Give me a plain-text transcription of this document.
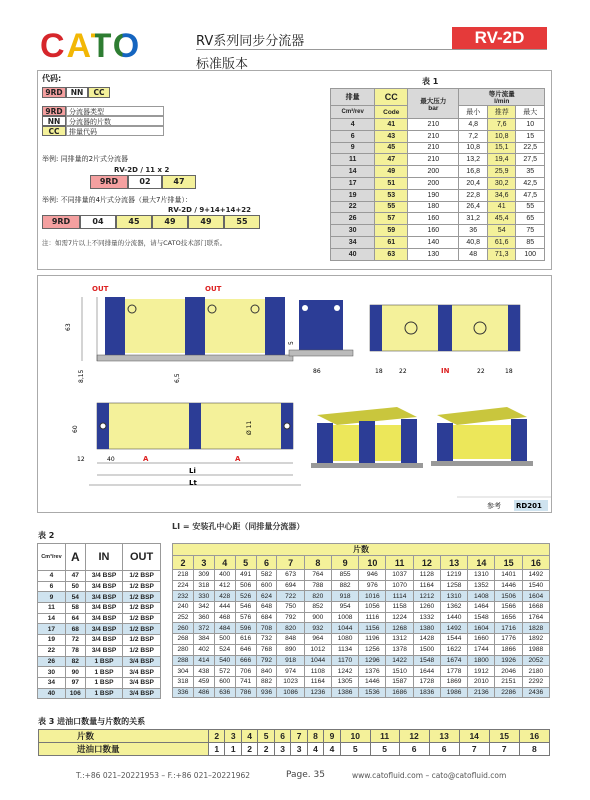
CATO	RV系列同步分流器
标准版本
RV-2D
代码:
9RD	NN	CC
9RD 分流器类型
NN	分流器的片数
CC	排量代码
举例: 同排量的2片式分流器
RV-2D / 11 x 2
9RD	02	47
举例: 不同排量的4片式分流器（最大7片排量）：
RV-2D / 9+14+14+22
9RD	04	45	49	49	55
注：如需7片以上不同排量的分流器，请与CATO技术部门联系。
表 1
排量	CC	最大压力
bar	等片流量
l/min		
Cm³/rev	Code		最小	推荐	最大
4	41	210	4,8	7,6	10
6	43	210	7,2	10,8	15
9	45	210	10,8	15,1	22,5
11	47	210	13,2	19,4	27,5
14	49	200	16,8	25,9	35
17	51	200	20,4	30,2	42,5
19	53	190	22,8	34,6	47,5
22	55	180	26,4	41	55
26	57	160	31,2	45,4	65
30	59	160	36	54	75
34	61	140	40,8	61,6	85
40	63	130	48	71,3	100
OUT	OUT
63
8,15	6,5
5
86	18	22	IN	22	18
60	Ø 11
12	40	A	A
Li
Lt
参考 RD201
表 2
Cm³/rev	A	IN	OUT
4	47	3/4 BSP	1/2 BSP
6	50	3/4 BSP	1/2 BSP
9	54	3/4 BSP	1/2 BSP
11	58	3/4 BSP	1/2 BSP
14	64	3/4 BSP	1/2 BSP
17	68	3/4 BSP	1/2 BSP
19	72	3/4 BSP	1/2 BSP
22	78	3/4 BSP	1/2 BSP
26	82	1 BSP	3/4 BSP
30	90	1 BSP	3/4 BSP
34	97	1 BSP	3/4 BSP
40	106	1 BSP	3/4 BSP
LI = 安装孔中心距（同排量分流器）
片数														
2	3	4	5	6	7	8	9	10	11	12	13	14	15	16
218	309	400	491	582	673	764	855	946	1037	1128	1219	1310	1401	1492
224	318	412	506	600	694	788	882	976	1070	1164	1258	1352	1446	1540
232	330	428	526	624	722	820	918	1016	1114	1212	1310	1408	1506	1604
240	342	444	546	648	750	852	954	1056	1158	1260	1362	1464	1566	1668
252	360	468	576	684	792	900	1008	1116	1224	1332	1440	1548	1656	1764
260	372	484	596	708	820	932	1044	1156	1268	1380	1492	1604	1716	1828
268	384	500	616	732	848	964	1080	1196	1312	1428	1544	1660	1776	1892
280	402	524	646	768	890	1012	1134	1256	1378	1500	1622	1744	1866	1988
288	414	540	666	792	918	1044	1170	1296	1422	1548	1674	1800	1926	2052
304	438	572	706	840	974	1108	1242	1376	1510	1644	1778	1912	2046	2180
318	459	600	741	882	1023	1164	1305	1446	1587	1728	1869	2010	2151	2292
336	486	636	786	936	1086	1236	1386	1536	1686	1836	1986	2136	2286	2436
表 3 进油口数量与片数的关系
片数	2	3	4	5	6	7	8	9	10	11	12	13	14	15	16
进油口数量	1	1	2	2	3	3	4	4	5	5	6	6	7	7	8
T.:+86 021–20221953 – F.:+86 021–20221962	Page. 35	www.catofluid.com – cato@catofluid.com
